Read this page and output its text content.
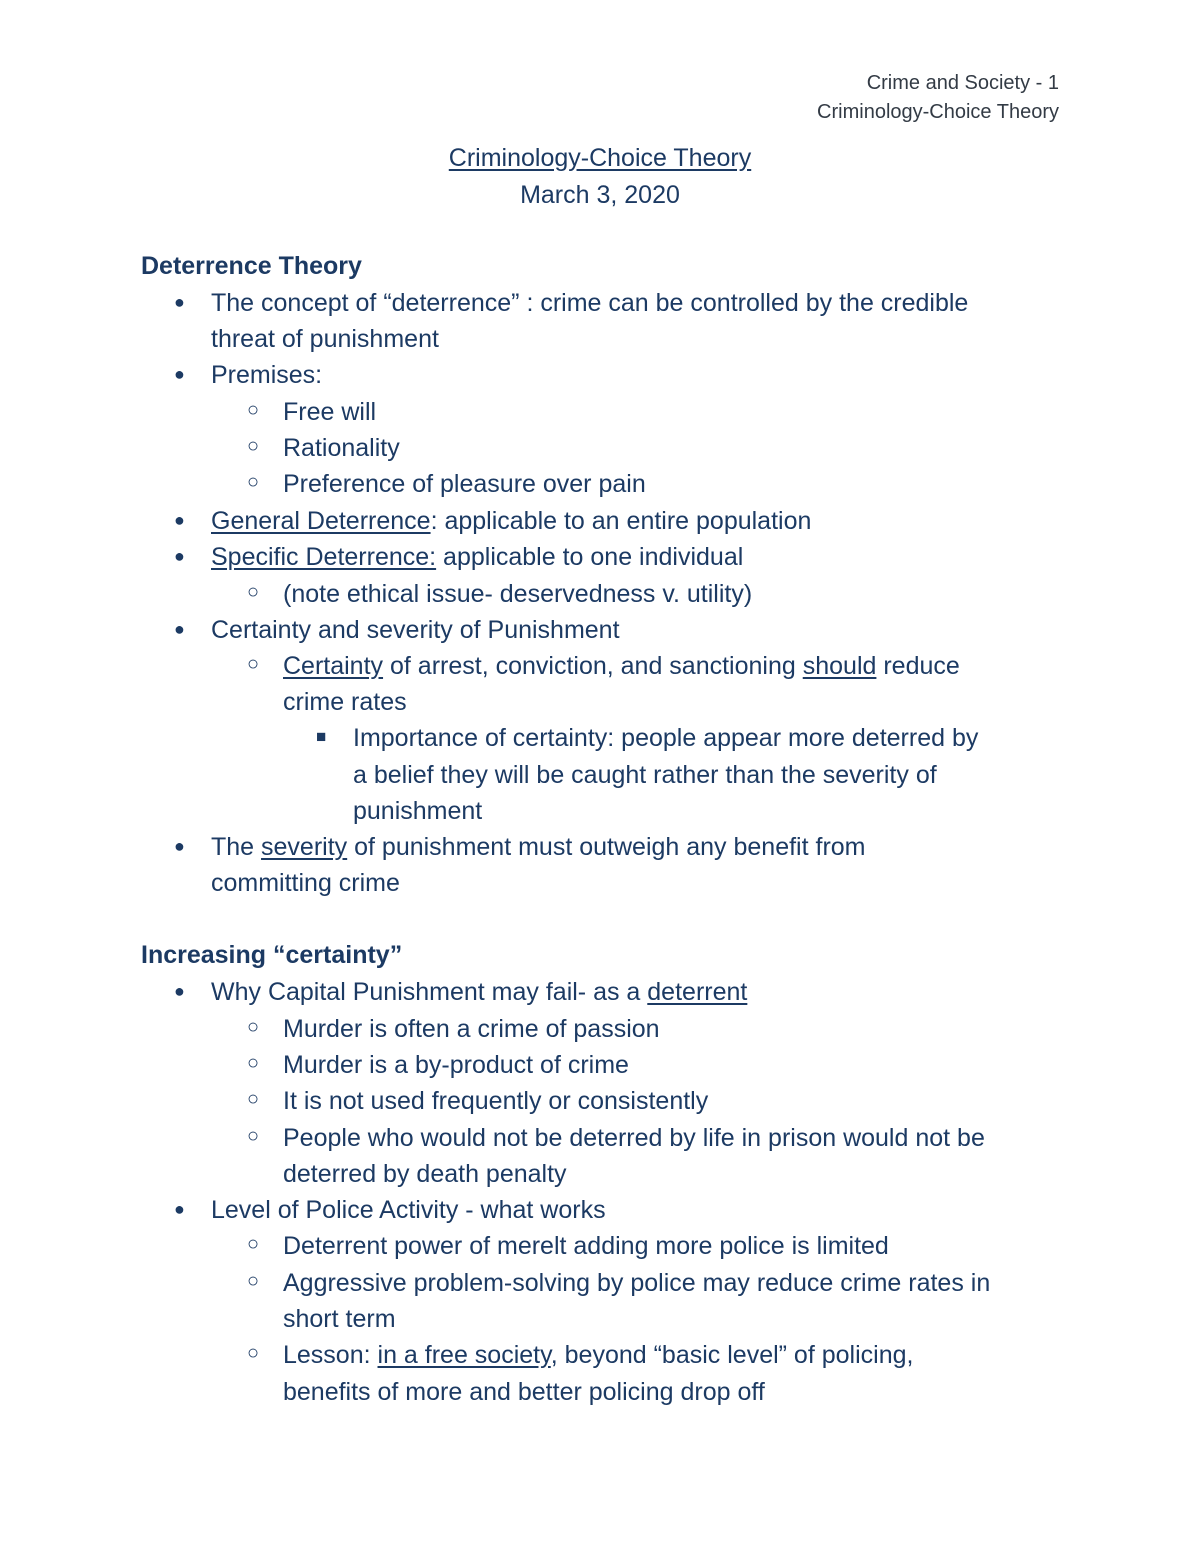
Crime and Society - 1
Criminology-Choice Theory
Criminology-Choice Theory
March 3, 2020
Deterrence Theory
● The concept of “deterrence” : crime can be controlled by the credible
threat of punishment
● Premises:
○ Free will
○ Rationality
○ Preference of pleasure over pain
● General Deterrence: applicable to an entire population
● Specific Deterrence: applicable to one individual
○ (note ethical issue- deservedness v. utility)
● Certainty and severity of Punishment
○ Certainty of arrest, conviction, and sanctioning should reduce
crime rates
■ Importance of certainty: people appear more deterred by
a belief they will be caught rather than the severity of
punishment
● The severity of punishment must outweigh any benefit from
committing crime
Increasing “certainty”
● Why Capital Punishment may fail- as a deterrent
○ Murder is often a crime of passion
○ Murder is a by-product of crime
○ It is not used frequently or consistently
○ People who would not be deterred by life in prison would not be
deterred by death penalty
● Level of Police Activity - what works
○ Deterrent power of merelt adding more police is limited
○ Aggressive problem-solving by police may reduce crime rates in
short term
○ Lesson: in a free society, beyond “basic level” of policing,
benefits of more and better policing drop off
